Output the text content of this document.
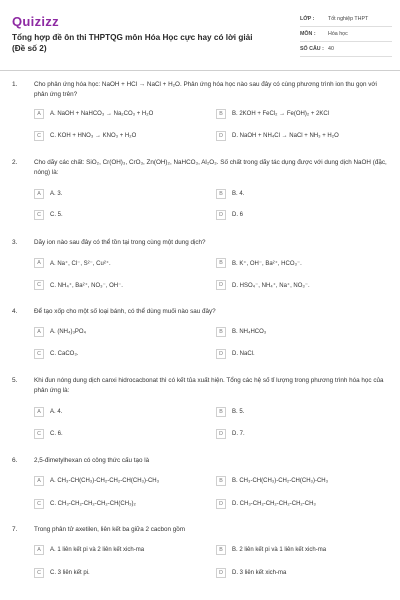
Quizizz
Tổng hợp đề ôn thi THPTQG môn Hóa Học cực hay có lời giải (Đề số 2)
LỚP :	Tốt nghiệp THPT
MÔN :	Hóa học
SỐ CÂU : 40
1.	Cho phản ứng hóa học: NaOH + HCl → NaCl + H₂O. Phản ứng hóa học nào sau đây có cùng phương trình ion thu gọn với phản ứng trên?
A	A. NaOH + NaHCO₃ → Na₂CO₃ + H₂O	B	B. 2KOH + FeCl₂ → Fe(OH)₂ + 2KCl
C	C. KOH + HNO₃ → KNO₃ + H₂O	D	D. NaOH + NH₄Cl → NaCl + NH₃ + H₂O
2.	Cho dãy các chất: SiO₂, Cr(OH)₃, CrO₃, Zn(OH)₂, NaHCO₃, Al₂O₃. Số chất trong dãy tác dụng được với dung dịch NaOH (đặc, nóng) là:
A	A. 3.	B	B. 4.
C	C. 5.	D	D. 6
3.	Dãy ion nào sau đây có thể tồn tại trong cùng một dung dịch?
A	A. Na⁺, Cl⁻, S²⁻, Cu²⁺.	B	B. K⁺, OH⁻, Ba²⁺, HCO₃⁻.
C	C. NH₄⁺, Ba²⁺, NO₃⁻, OH⁻.	D	D. HSO₄⁻, NH₄⁺, Na⁺, NO₃⁻.
4.	Để tạo xốp cho một số loại bánh, có thể dùng muối nào sau đây?
A	A. (NH₄)₃PO₄	B	B. NH₄HCO₃
C	C. CaCO₃.	D	D. NaCl.
5.	Khi đun nóng dung dịch canxi hidrocacbonat thì có kết tủa xuất hiện. Tổng các hệ số tỉ lượng trong phương trình hóa học của phản ứng là:
A	A. 4.	B	B. 5.
C	C. 6.	D	D. 7.
6.	2,5-đimetylhexan có công thức cấu tạo là
A	A. CH₃-CH(CH₃)-CH₂-CH₂-CH(CH₃)-CH₃	B	B. CH₃-CH(CH₃)-CH₂-CH(CH₃)-CH₃
C	C. CH₃-CH₂-CH₂-CH₂-CH(CH₃)₂	D	D. CH₃-CH₂-CH₂-CH₂-CH₂-CH₃
7.	Trong phân tử axetilen, liên kết ba giữa 2 cacbon gồm
A	A. 1 liên kết pi và 2 liên kết xich-ma	B	B. 2 liên kết pi và 1 liên kết xich-ma
C	C. 3 liên kết pi.	D	D. 3 liên kết xich-ma
